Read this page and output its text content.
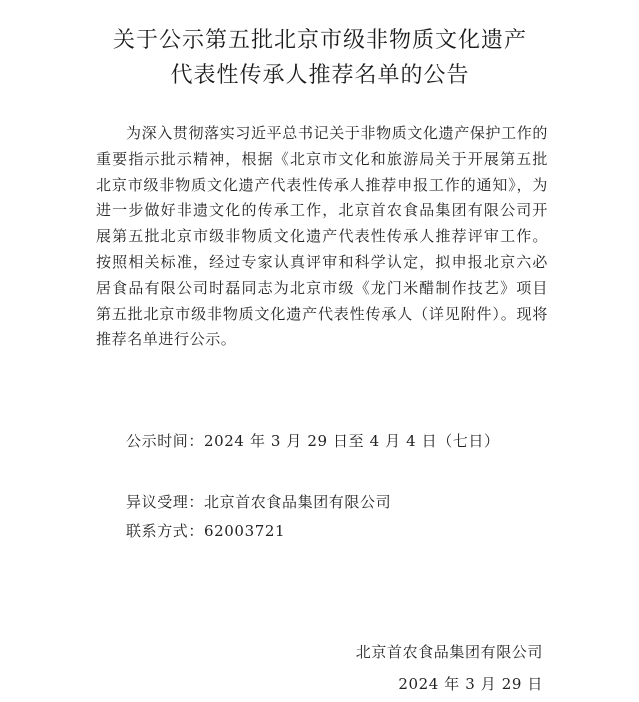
关于公示第五批北京市级非物质文化遗产
代表性传承人推荐名单的公告

为深入贯彻落实习近平总书记关于非物质文化遗产保护工作的重要指示批示精神，根据《北京市文化和旅游局关于开展第五批北京市级非物质文化遗产代表性传承人推荐申报工作的通知》，为进一步做好非遗文化的传承工作，北京首农食品集团有限公司开展第五批北京市级非物质文化遗产代表性传承人推荐评审工作。按照相关标准，经过专家认真评审和科学认定，拟申报北京六必居食品有限公司时磊同志为北京市级《龙门米醋制作技艺》项目第五批北京市级非物质文化遗产代表性传承人（详见附件）。现将推荐名单进行公示。

公示时间：2024 年 3 月 29 日至 4 月 4 日（七日）

异议受理：北京首农食品集团有限公司

联系方式：62003721

北京首农食品集团有限公司

2024 年 3 月 29 日
